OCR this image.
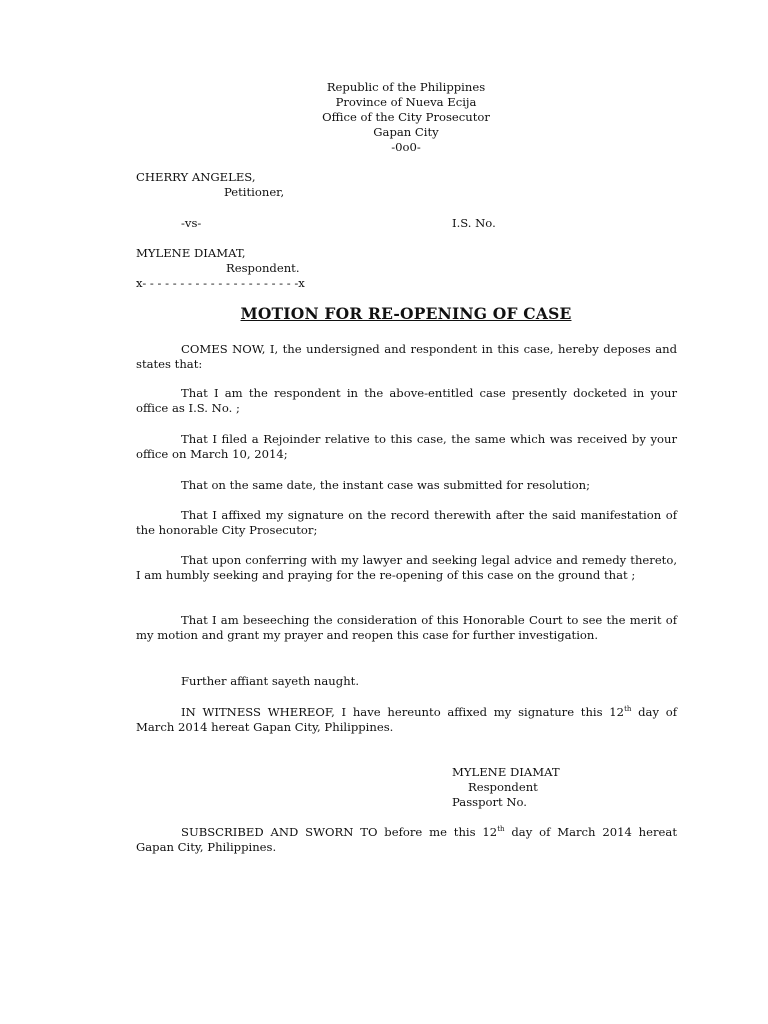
Republic of the Philippines
Province of Nueva Ecija
Office of the City Prosecutor
Gapan City
-0o0-
CHERRY ANGELES,
Petitioner,
-vs-	I.S. No.
MYLENE DIAMAT,
Respondent.
x- - - - - - - - - - - - - - - - - - - - -x
MOTION FOR RE-OPENING OF CASE
COMES NOW, I, the undersigned and respondent in this case, hereby deposes and states that:
That I am the respondent in the above-entitled case presently docketed in your office as I.S. No. ;
That I filed a Rejoinder relative to this case, the same which was received by your office on March 10, 2014;
That on the same date, the instant case was submitted for resolution;
That I affixed my signature on the record therewith after the said manifestation of the honorable City Prosecutor;
That upon conferring with my lawyer and seeking legal advice and remedy thereto, I am humbly seeking and praying for the re-opening of this case on the ground that ;
That I am beseeching the consideration of this Honorable Court to see the merit of my motion and grant my prayer and reopen this case for further investigation.
Further affiant sayeth naught.
IN WITNESS WHEREOF, I have hereunto affixed my signature this 12th day of March 2014 hereat Gapan City, Philippines.
MYLENE DIAMAT
Respondent
Passport No.
SUBSCRIBED AND SWORN TO before me this 12th day of March 2014 hereat Gapan City, Philippines.
